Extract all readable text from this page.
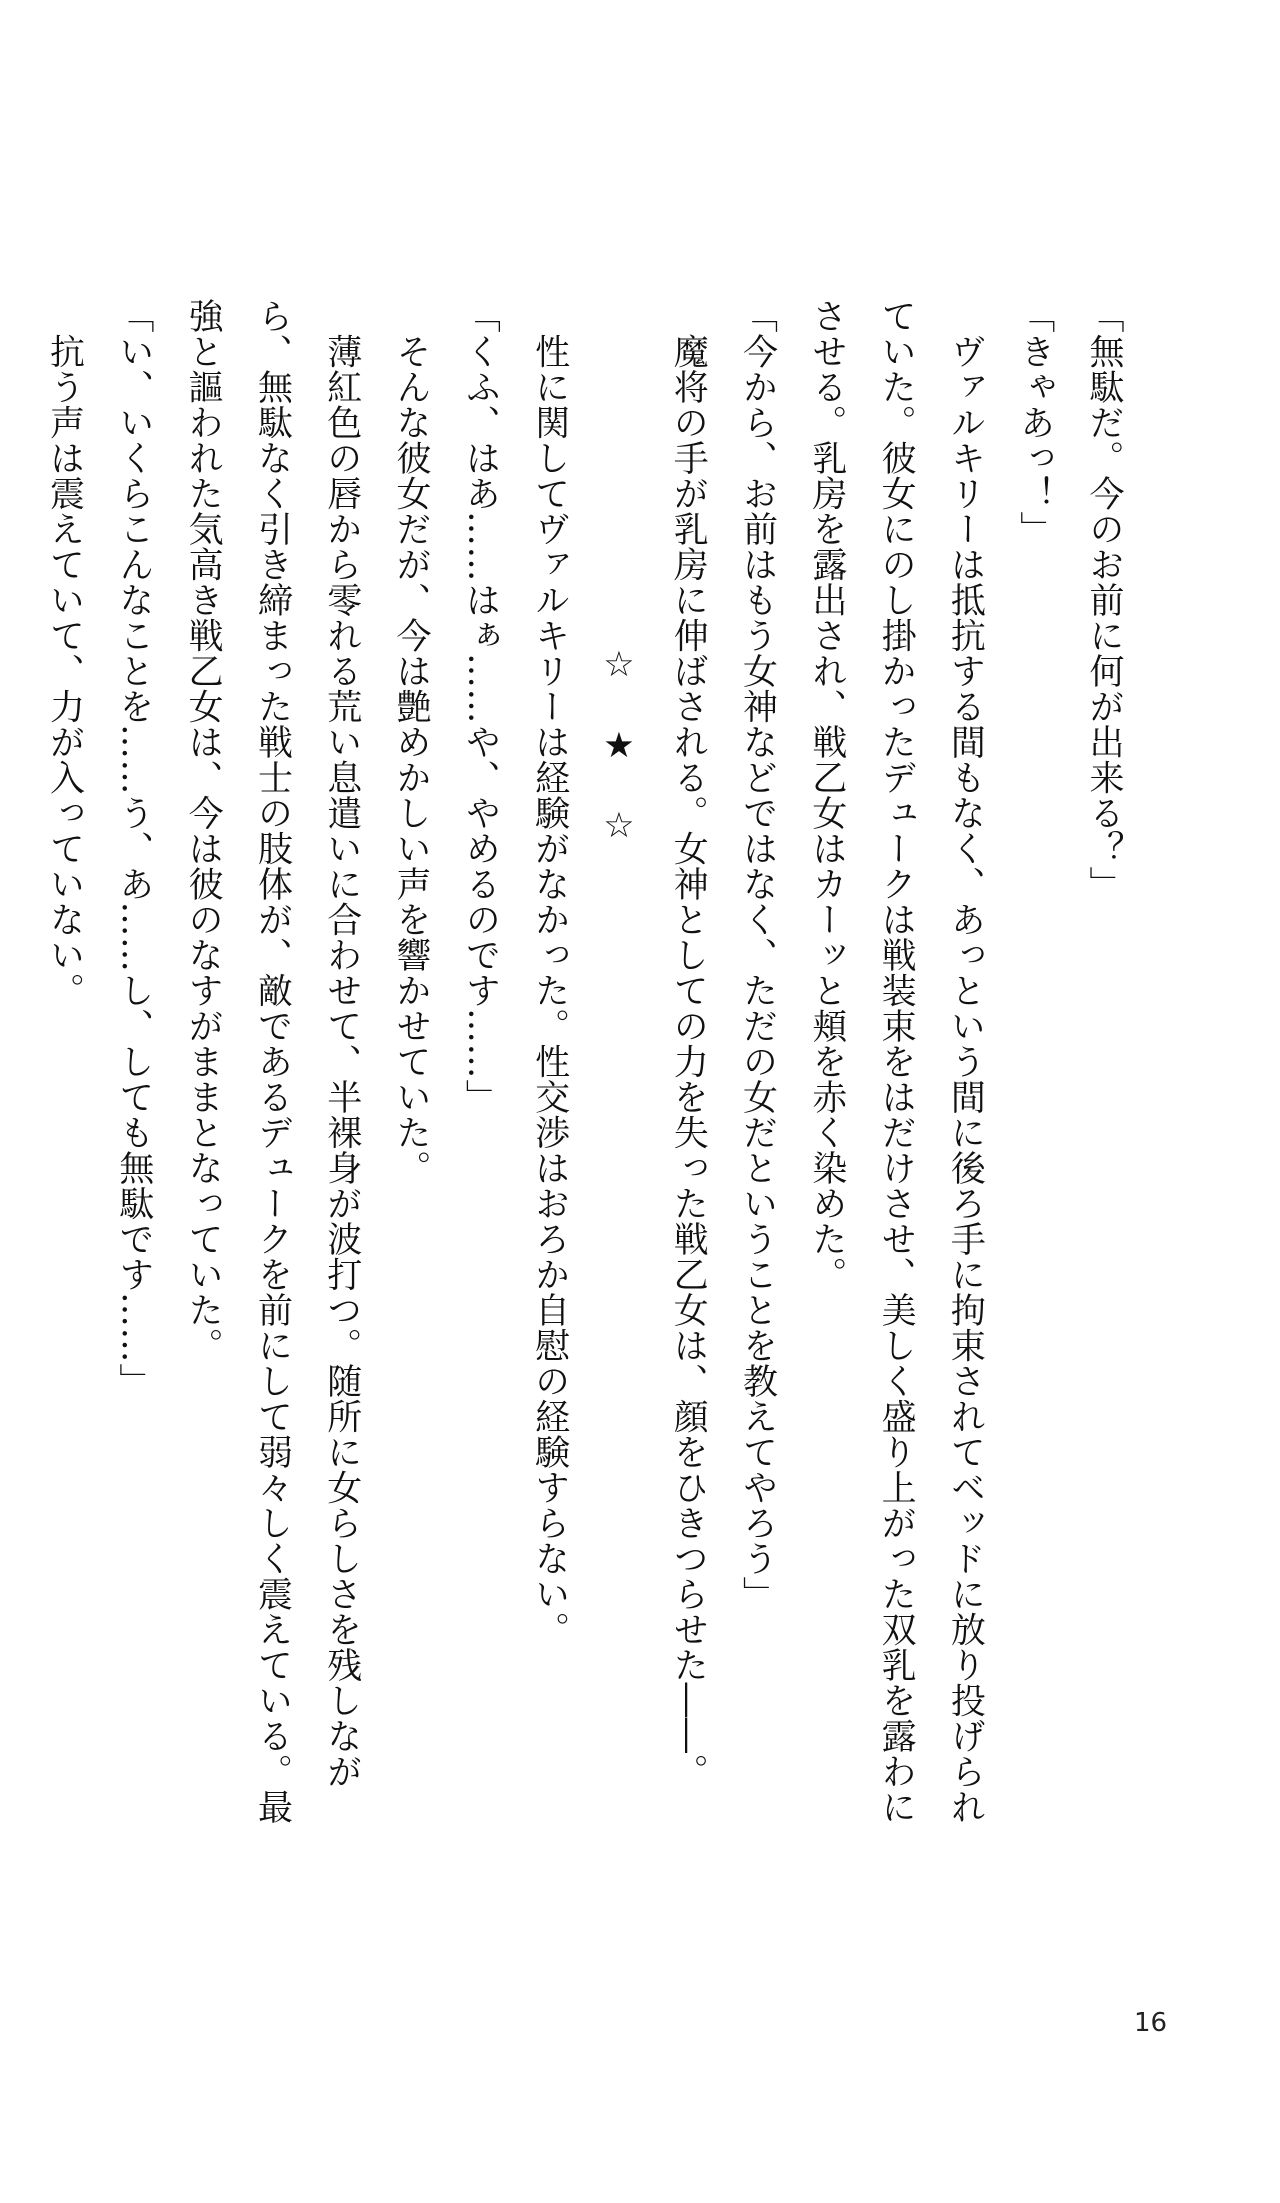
「無駄だ。今のお前に何が出来る？」
「きゃあっ！」
　ヴァルキリーは抵抗する間もなく、あっという間に後ろ手に拘束されてベッドに放り投げられ
ていた。彼女にのし掛かったデュークは戦装束をはだけさせ、美しく盛り上がった双乳を露わに
させる。乳房を露出され、戦乙女はカーッと頬を赤く染めた。
「今から、お前はもう女神などではなく、ただの女だということを教えてやろう」
　魔将の手が乳房に伸ばされる。女神としての力を失った戦乙女は、顔をひきつらせた――。
☆★☆
　性に関してヴァルキリーは経験がなかった。性交渉はおろか自慰の経験すらない。
「くふ、はあ……はぁ……や、やめるのです……」
　そんな彼女だが、今は艶めかしい声を響かせていた。
　薄紅色の唇から零れる荒い息遣いに合わせて、半裸身が波打つ。随所に女らしさを残しなが
ら、無駄なく引き締まった戦士の肢体が、敵であるデュークを前にして弱々しく震えている。最
強と謳われた気高き戦乙女は、今は彼のなすがままとなっていた。
「い、いくらこんなことを……う、あ……し、しても無駄です……」
　抗う声は震えていて、力が入っていない。
16
